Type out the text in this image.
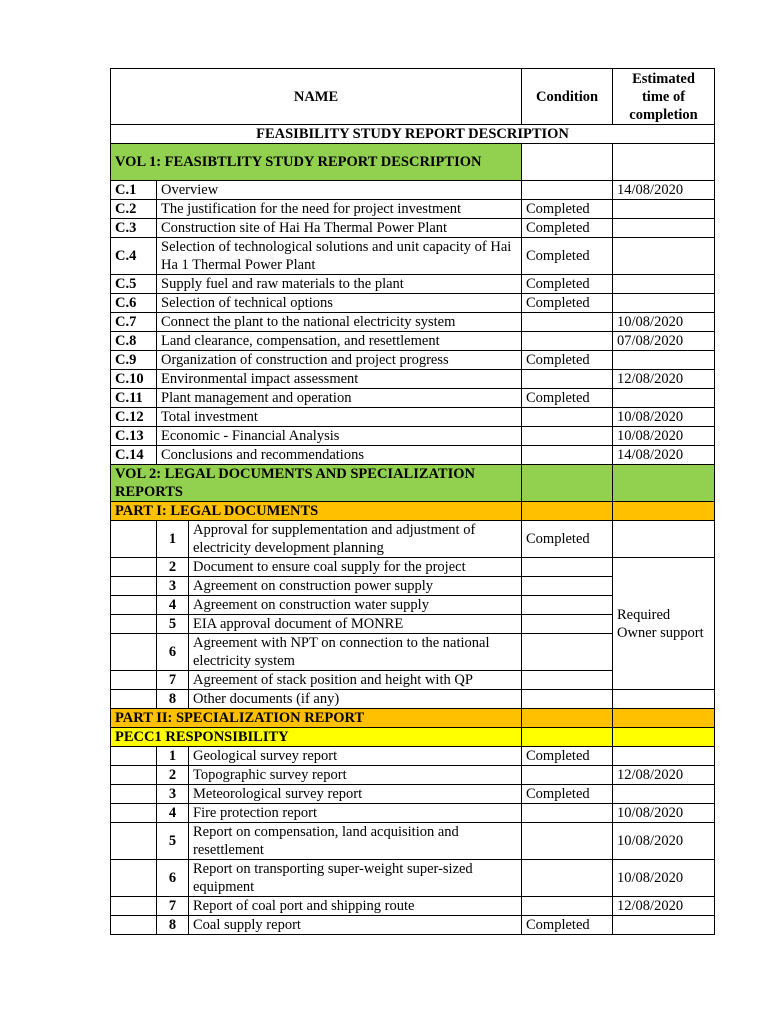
NAME			Condition	Estimated time of completion
FEASIBILITY STUDY REPORT DESCRIPTION				
VOL 1: FEASIBTLITY STUDY REPORT DESCRIPTION				
C.1	Overview			14/08/2020
C.2	The justification for the need for project investment		Completed	
C.3	Construction site of Hai Ha Thermal Power Plant		Completed	
C.4	Selection of technological solutions and unit capacity of Hai Ha 1 Thermal Power Plant		Completed	
C.5	Supply fuel and raw materials to the plant		Completed	
C.6	Selection of technical options		Completed	
C.7	Connect the plant to the national electricity system			10/08/2020
C.8	Land clearance, compensation, and resettlement			07/08/2020
C.9	Organization of construction and project progress		Completed	
C.10	Environmental impact assessment			12/08/2020
C.11	Plant management and operation		Completed	
C.12	Total investment			10/08/2020
C.13	Economic - Financial Analysis			10/08/2020
C.14	Conclusions and recommendations			14/08/2020
VOL 2: LEGAL DOCUMENTS AND SPECIALIZATION REPORTS				
PART I: LEGAL DOCUMENTS				
	1	Approval for supplementation and adjustment of electricity development planning	Completed	
	2	Document to ensure coal supply for the project		Required Owner support
	3	Agreement on construction power supply		
	4	Agreement on construction water supply		
	5	EIA approval document of MONRE		
	6	Agreement with NPT on connection to the national electricity system		
	7	Agreement of stack position and height with QP		
	8	Other documents (if any)		
PART II: SPECIALIZATION REPORT				
PECC1 RESPONSIBILITY				
	1	Geological survey report	Completed	
	2	Topographic survey report		12/08/2020
	3	Meteorological survey report	Completed	
	4	Fire protection report		10/08/2020
	5	Report on compensation, land acquisition and resettlement		10/08/2020
	6	Report on transporting super-weight super-sized equipment		10/08/2020
	7	Report of coal port and shipping route		12/08/2020
	8	Coal supply report	Completed	
